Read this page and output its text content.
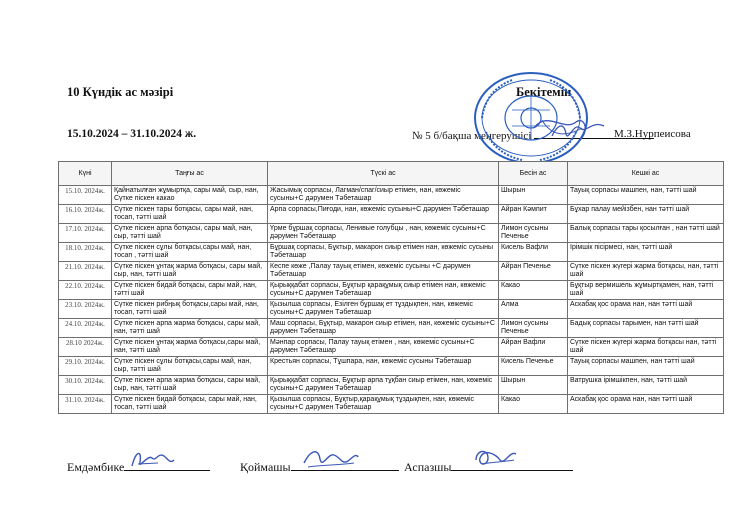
10 Күндік ас мәзірі	Бекітемін
15.10.2024 – 31.10.2024 ж.	№ 5 б/бақша меңгерушісі	М.З.Нурпеисова
Күні	Таңғы ас	Түскі ас	Бесін ас	Кешкі ас
15.10. 2024ж.	Қайнатылған жұмыртқа, сары май, сыр, нан, Сүтке піскен какао	Жасымық сорпасы, Лагман/спаг/сиыр етімен, нан, көжеміс сусыны+С дәрумен Тәбеташар	Шырын	Тауық сорпасы машпен, нан, тәтті шай
16.10. 2024ж.	Сүтке піскен тары ботқасы, сары май, нан, тосап, тәтті шай	Арпа сорпасы,Пиғоди, нан, көжеміс сусыны+С дәрумен Тәбеташар	Айран Кәмпит	Бұхар палау мейізбен, нан тәтті шай
17.10. 2024ж.	Сүтке піскен арпа ботқасы, сары май, нан, сыр, тәтті шай	Үрме бұршақ сорпасы, Ленивые голубцы , нан, көжеміс сусыны+С дәрумен Тәбеташар	Лимон сусыны Печенье	Балық сорпасы тары қосылған , нан тәтті шай
18.10. 2024ж.	Сүтке піскен сұлы ботқасы,сары май, нан, тосап , тәтті шай	Бұршақ сорпасы, Бұктыр, макарон сиыр етімен нан, көжеміс сусыны Тәбеташар	Кисель Вафли	Ірімшік пісірмесі, нан, тәтті шай
21.10. 2024ж.	Сүтке піскен ұнтақ жарма ботқасы, сары май, сыр, нан, тәтті шай	Кеспе көже ,Палау тауық етімен, көжеміс сусыны +С дәрумен Тәбеташар	Айран Печенье	Сүтке піскен жүгері жарма ботқасы, нан, тәтті шай
22.10. 2024ж.	Сүтке піскен бидай ботқасы, сары май, нан, тәтті шай	Қырыққабат сорпасы, Бұқтыр қарақұмық сиыр етімен нан, көжеміс сусыны+С дәрумен Тәбеташар	Какао	Бұқтыр вермишель жұмыртқамен, нан, тәтті шай
23.10. 2024ж.	Сүтке піскен рибңық ботқасы,сары май, нан, тосап, тәтті шай	Қызылша сорпасы, Езілген бұршақ ет тұздықпен, нан, көжеміс сусыны+С дәрумен Тәбеташар	Алма	Аскабақ қос орама нан, нан тәтті шай
24.10. 2024ж.	Сүтке піскен арпа жарма ботқасы, сары май, нан, тәтті шай	Маш сорпасы, Бұқтыр, макарон сиыр етімен, нан, көжеміс сусыны+С дәрумен Тәбеташар	Лимон сусыны Печенье	Бадық сорпасы тарымен, нан тәтті шай
28.10 2024ж.	Сүтке піскен ұнтақ жарма ботқасы,сары май, нан, тәтті шай	Мәнпар сорпасы, Палау тауық етімен , нан, көжеміс сусыны+С дәрумен Тәбеташар	Айран Вафли	Сүтке піскен жүгері жарма ботқасы нан, тәтті шай
29.10. 2024ж.	Сүтке піскен сұлы ботқасы,сары май, нан, сыр, тәтті шай	Крестьян сорпасы, Тұшпара, нан, көжеміс сусыны Тәбеташар	Кисель Печенье	Тауық сорпасы машпен, нан тәтті шай
30.10. 2024ж.	Сүтке піскен арпа жарма ботқасы, сары май, сыр, нан, тәтті шай	Қырыққабат сорпасы, Бұқтыр арпа тұқбан сиыр етімен, нан, көжеміс сусыны+С дәрумен Тәбеташар	Шырын	Ватрушка ірімшікпен, нан, тәтті шай
31.10. 2024ж.	Сүтке піскен бидай ботқасы, сары май, нан, тосап, тәтті шай	Қызылша сорпасы, Бұқтыр,қарақұмық тұздықпен, нан, көжеміс сусыны+С дәрумен Тәбеташар	Какао	Аскабақ қос орама нан, нан тәтті шай
Емдәмбике	Қоймашы	Аспазшы
